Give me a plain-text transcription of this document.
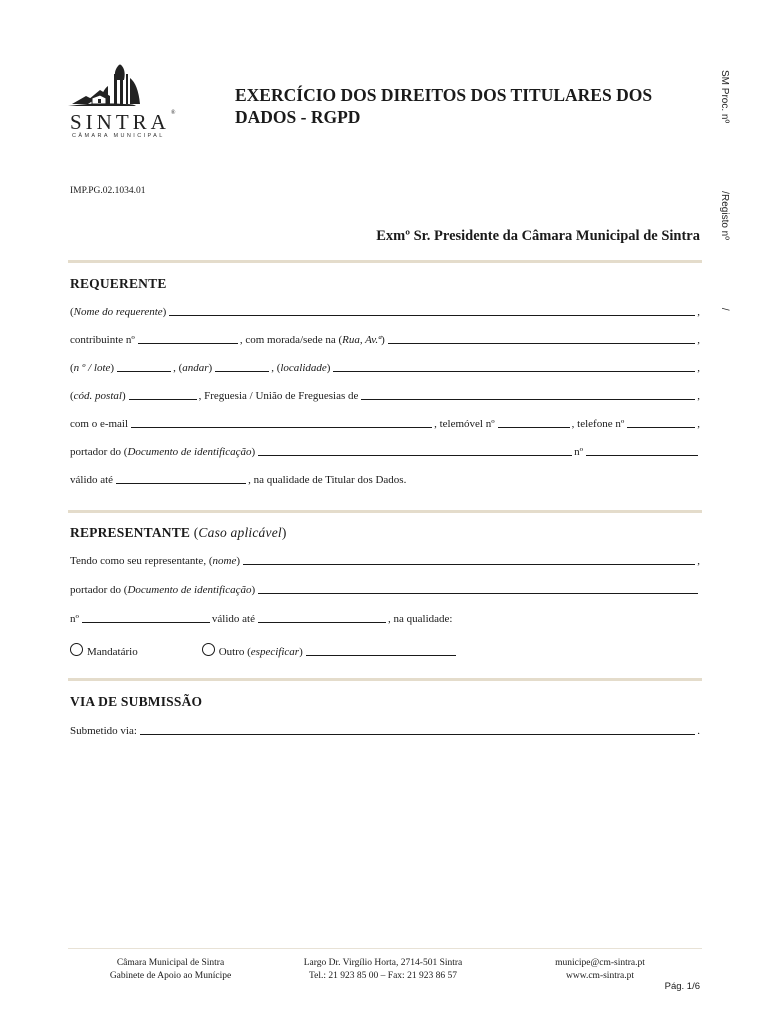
SINTRA®
CÂMARA MUNICIPAL
EXERCÍCIO DOS DIREITOS DOS TITULARES DOS DADOS - RGPD	SM Proc. nº/Registo nº/
IMP.PG.02.1034.01
Exmº Sr. Presidente da Câmara Municipal de Sintra
REQUERENTE
(Nome do requerente)	,
contribuinte nº	, com morada/sede na (Rua, Av.ª)	,
(n º / lote)	, (andar)	, (localidade)	,
(cód. postal)	, Freguesia / União de Freguesias de	,
com o e-mail	, telemóvel nº	, telefone nº	,
portador do (Documento de identificação)	nº
válido até	, na qualidade de Titular dos Dados.
REPRESENTANTE (Caso aplicável)
Tendo como seu representante, (nome)	,
portador do (Documento de identificação)
nº	válido até	, na qualidade:
Mandatário	Outro (especificar)
VIA DE SUBMISSÃO
Submetido via:	.
Câmara Municipal de Sintra
Gabinete de Apoio ao Munícipe
Largo Dr. Virgílio Horta, 2714-501 Sintra
Tel.: 21 923 85 00 – Fax: 21 923 86 57
municipe@cm-sintra.pt
www.cm-sintra.pt
Pág. 1/6
